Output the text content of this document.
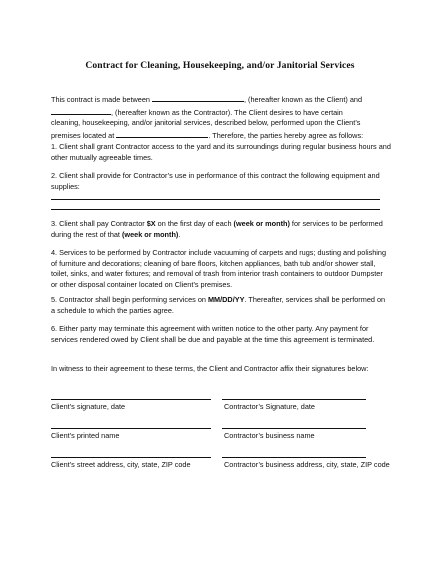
Contract for Cleaning, Housekeeping, and/or Janitorial Services
This contract is made between	, (hereafter known as the Client) and
, (hereafter known as the Contractor). The Client desires to have certain
cleaning, housekeeping, and/or janitorial services, described below, performed upon the Client’s
premises located at	. Therefore, the parties hereby agree as follows:
1. Client shall grant Contractor access to the yard and its surroundings during regular business hours and other mutually agreeable times.
2. Client shall provide for Contractor’s use in performance of this contract the following equipment and supplies:
3. Client shall pay Contractor $X on the first day of each (week or month) for services to be performed during the rest of that (week or month).
4. Services to be performed by Contractor include vacuuming of carpets and rugs; dusting and polishing of furniture and decorations; cleaning of bare floors, kitchen appliances, bath tub and/or shower stall, toilet, sinks, and water fixtures; and removal of trash from interior trash containers to outdoor Dumpster or other disposal container located on Client’s premises.
5. Contractor shall begin performing services on MM/DD/YY. Thereafter, services shall be performed on a schedule to which the parties agree.
6. Either party may terminate this agreement with written notice to the other party. Any payment for services rendered owed by Client shall be due and payable at the time this agreement is terminated.
In witness to their agreement to these terms, the Client and Contractor affix their signatures below:
Client’s signature, date	Contractor’s Signature, date
Client’s printed name	Contractor’s business name
Client’s street address, city, state, ZIP code	Contractor’s business address, city, state, ZIP code
